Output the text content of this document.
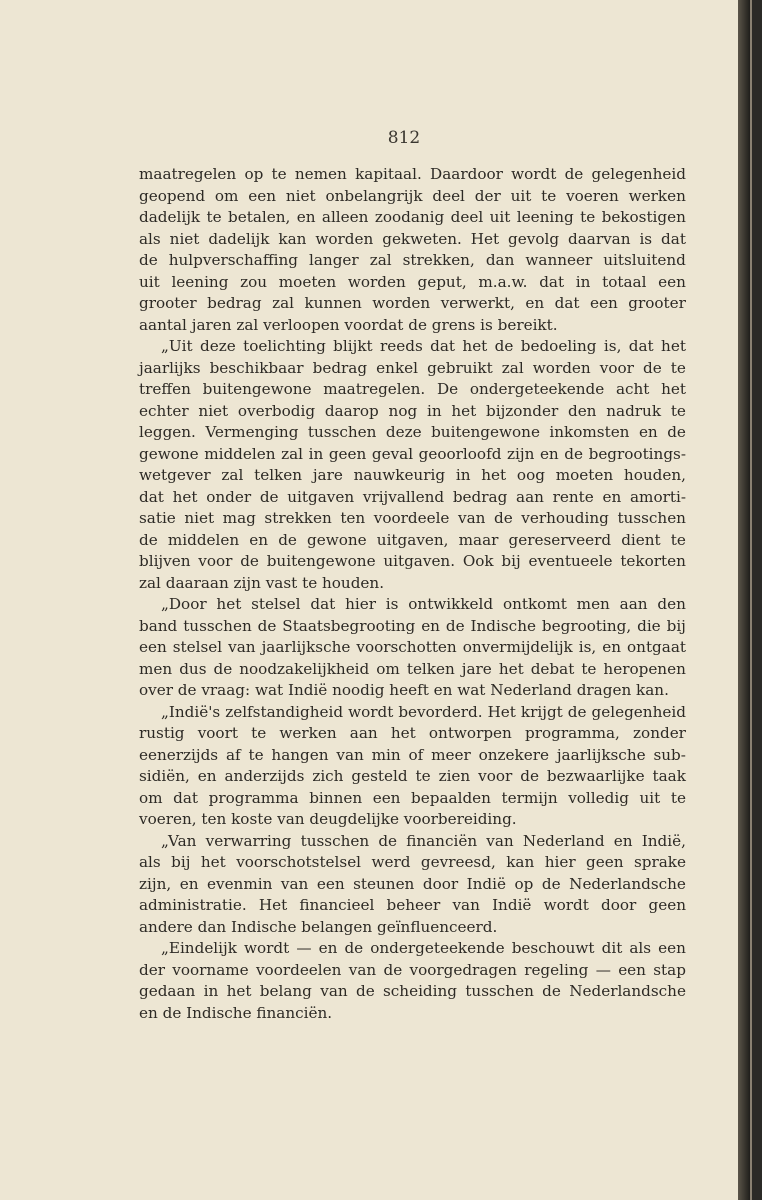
812
maatregelen op te nemen kapitaal. Daardoor wordt de gelegenheid
geopend om een niet onbelangrijk deel der uit te voeren werken
dadelijk te betalen, en alleen zoodanig deel uit leening te bekostigen
als niet dadelijk kan worden gekweten. Het gevolg daarvan is dat
de hulpverschaffing langer zal strekken, dan wanneer uitsluitend
uit leening zou moeten worden geput, m.a.w. dat in totaal een
grooter bedrag zal kunnen worden verwerkt, en dat een grooter
aantal jaren zal verloopen voordat de grens is bereikt.
„Uit deze toelichting blijkt reeds dat het de bedoeling is, dat het
jaarlijks beschikbaar bedrag enkel gebruikt zal worden voor de te
treffen buitengewone maatregelen. De ondergeteekende acht het
echter niet overbodig daarop nog in het bijzonder den nadruk te
leggen. Vermenging tusschen deze buitengewone inkomsten en de
gewone middelen zal in geen geval geoorloofd zijn en de begrootings-
wetgever zal telken jare nauwkeurig in het oog moeten houden,
dat het onder de uitgaven vrijvallend bedrag aan rente en amorti-
satie niet mag strekken ten voordeele van de verhouding tusschen
de middelen en de gewone uitgaven, maar gereserveerd dient te
blijven voor de buitengewone uitgaven. Ook bij eventueele tekorten
zal daaraan zijn vast te houden.
„Door het stelsel dat hier is ontwikkeld ontkomt men aan den
band tusschen de Staatsbegrooting en de Indische begrooting, die bij
een stelsel van jaarlijksche voorschotten onvermijdelijk is, en ontgaat
men dus de noodzakelijkheid om telken jare het debat te heropenen
over de vraag: wat Indië noodig heeft en wat Nederland dragen kan.
„Indië's zelfstandigheid wordt bevorderd. Het krijgt de gelegenheid
rustig voort te werken aan het ontworpen programma, zonder
eenerzijds af te hangen van min of meer onzekere jaarlijksche sub-
sidiën, en anderzijds zich gesteld te zien voor de bezwaarlijke taak
om dat programma binnen een bepaalden termijn volledig uit te
voeren, ten koste van deugdelijke voorbereiding.
„Van verwarring tusschen de financiën van Nederland en Indië,
als bij het voorschotstelsel werd gevreesd, kan hier geen sprake
zijn, en evenmin van een steunen door Indië op de Nederlandsche
administratie. Het financieel beheer van Indië wordt door geen
andere dan Indische belangen geïnfluenceerd.
„Eindelijk wordt — en de ondergeteekende beschouwt dit als een
der voorname voordeelen van de voorgedragen regeling — een stap
gedaan in het belang van de scheiding tusschen de Nederlandsche
en de Indische financiën.
